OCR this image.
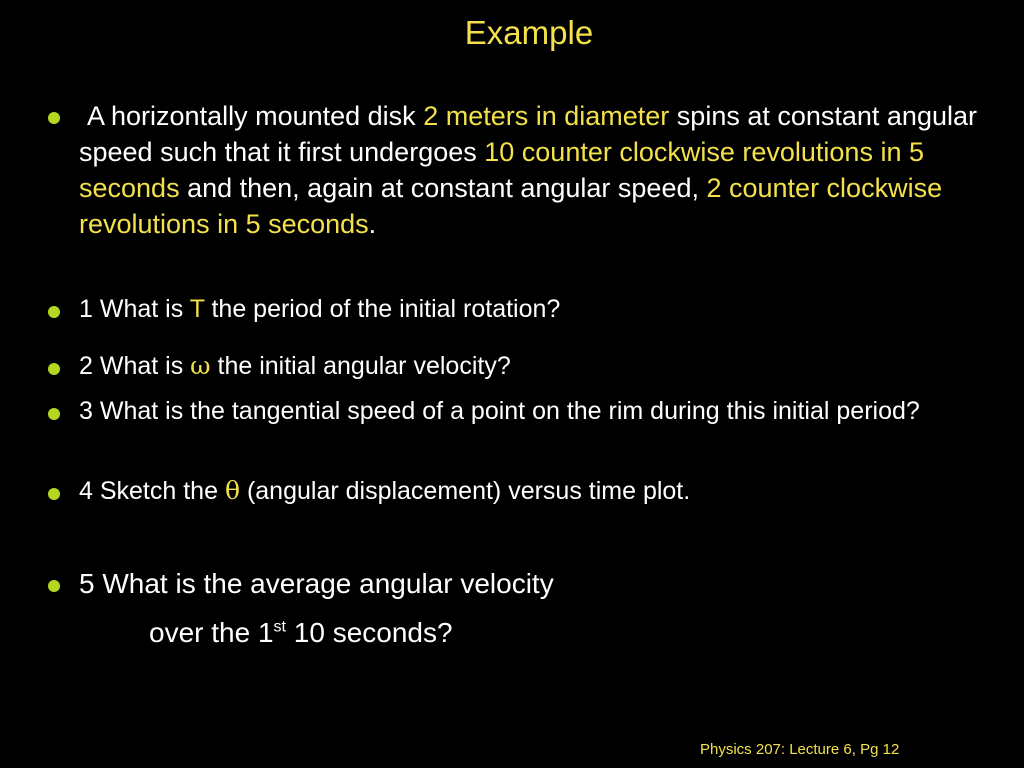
Example
A horizontally mounted disk 2 meters in diameter spins at constant angular speed such that it first undergoes 10 counter clockwise revolutions in 5 seconds and then, again at constant angular speed, 2 counter clockwise revolutions in 5 seconds.
1 What is T the period of the initial rotation?
2 What is ω the initial angular velocity?
3 What is the tangential speed of a point on the rim during this initial period?
4 Sketch the θ (angular displacement) versus time plot.
5 What is the average angular velocity
over the 1st 10 seconds?
Physics 207: Lecture 6, Pg 12
